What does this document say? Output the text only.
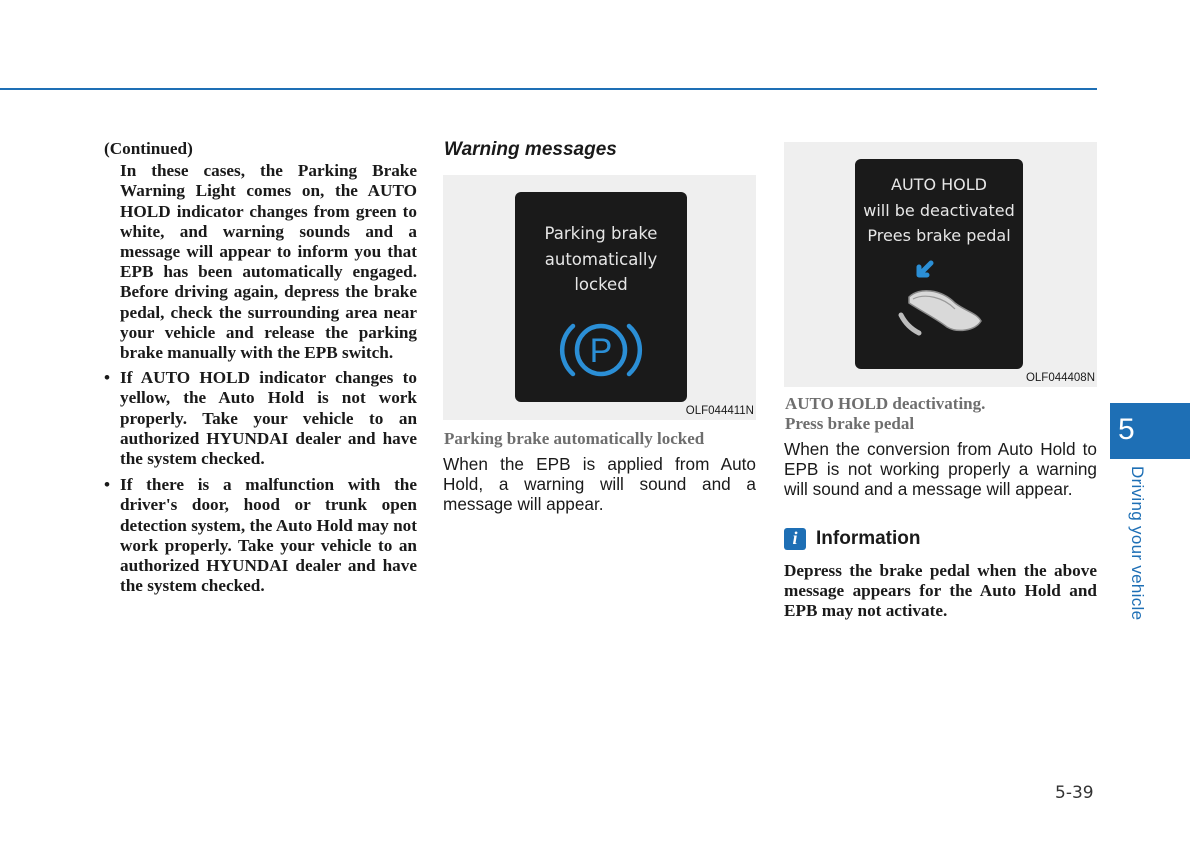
(Continued)
In these cases, the Parking Brake Warning Light comes on, the AUTO HOLD indicator changes from green to white, and warning sounds and a message will appear to inform you that EPB has been automatically engaged. Before driving again, depress the brake pedal, check the surrounding area near your vehicle and release the parking brake manually with the EPB switch.
• If AUTO HOLD indicator changes to yellow, the Auto Hold is not work properly. Take your vehicle to an authorized HYUNDAI dealer and have the system checked.
• If there is a malfunction with the driver's door, hood or trunk open detection system, the Auto Hold may not work properly. Take your vehicle to an authorized HYUNDAI dealer and have the system checked.
Warning messages
Parking brake
automatically
locked
P
OLF044411N
Parking brake automatically locked

When the EPB is applied from Auto Hold, a warning will sound and a message will appear.

AUTO HOLD
will be deactivated
Prees brake pedal
OLF044408N
AUTO HOLD deactivating.
Press brake pedal

When the conversion from Auto Hold to EPB is not working properly a warning will sound and a message will appear.

i Information

Depress the brake pedal when the above message appears for the Auto Hold and EPB may not activate.

5
Driving your vehicle
5-39
